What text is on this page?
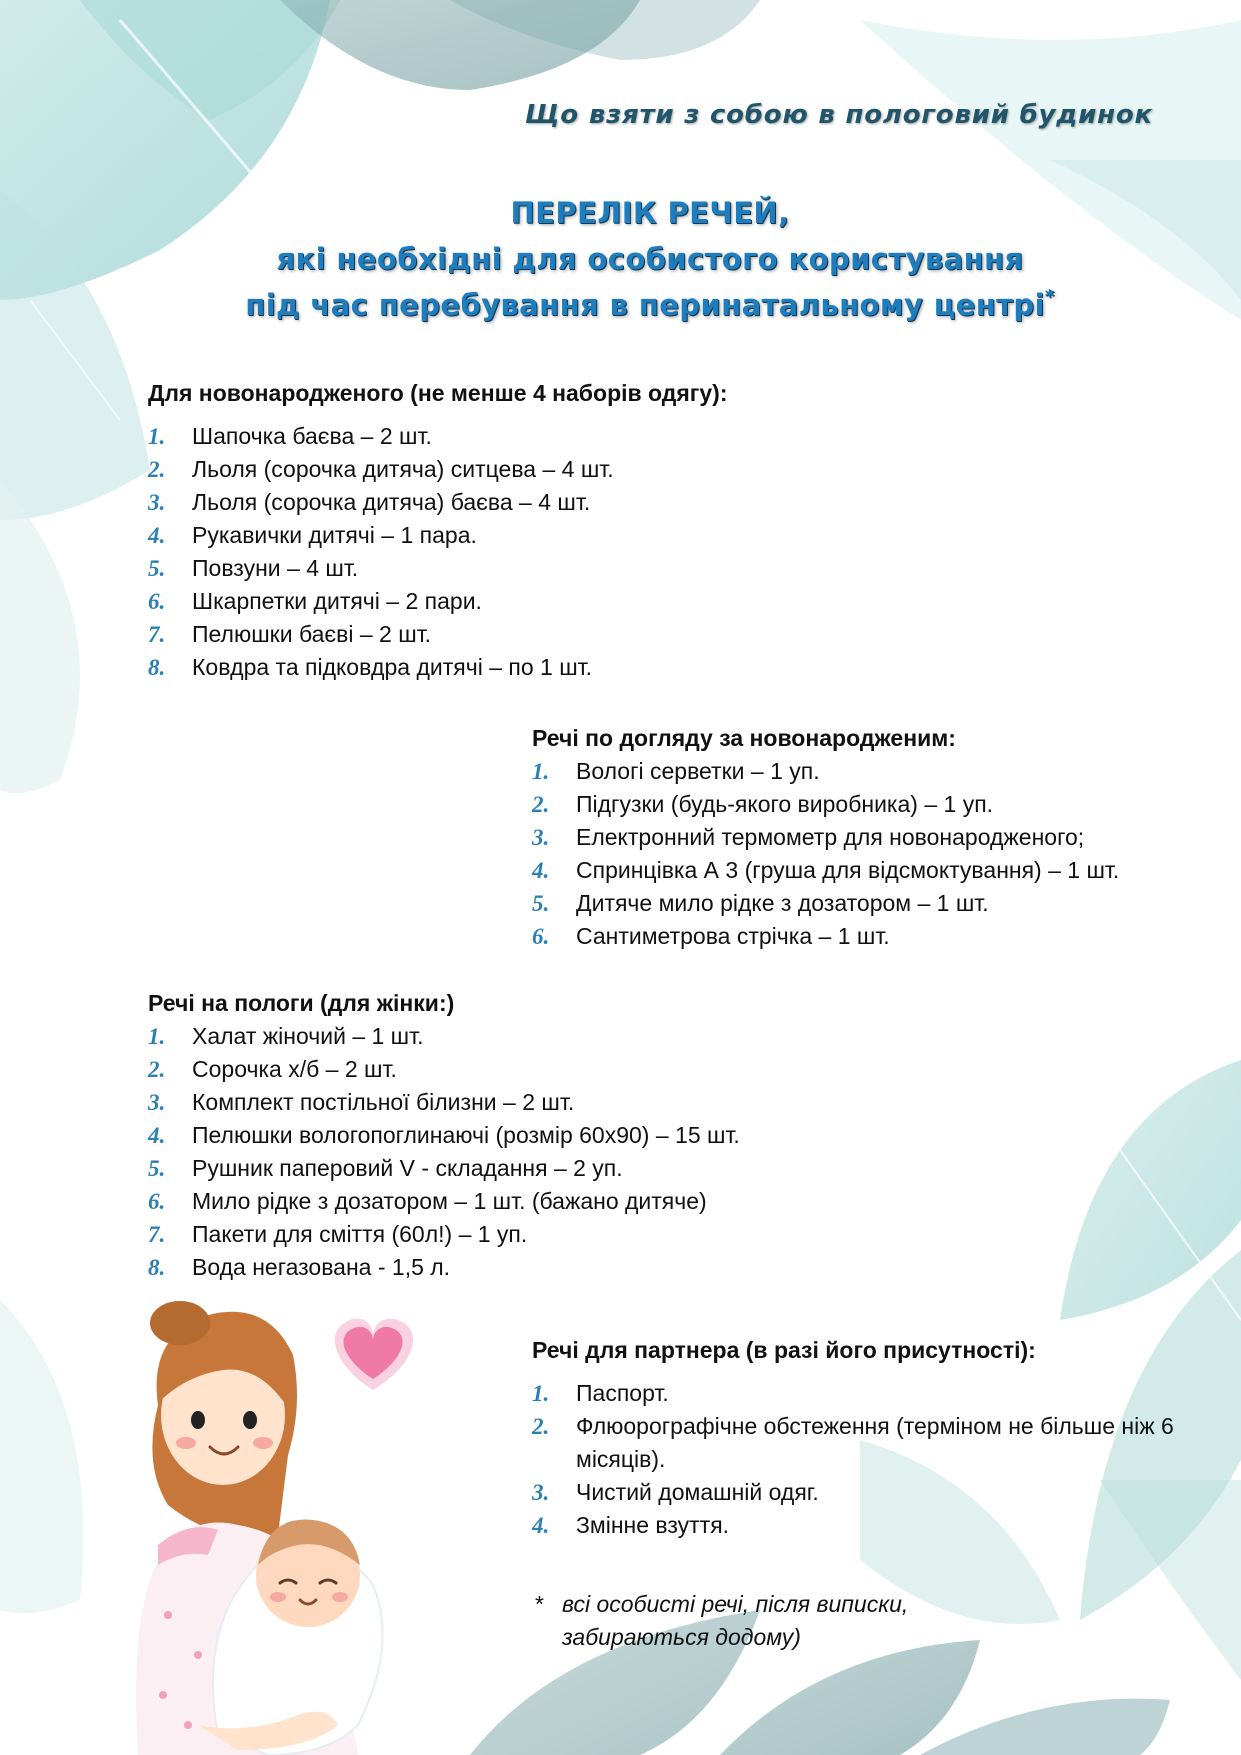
Що взяти з собою в пологовий будинок
ПЕРЕЛІК РЕЧЕЙ,
які необхідні для особистого користування
під час перебування в перинатальному центрі*
Для новонародженого (не менше 4 наборів одягу):
1. Шапочка баєва – 2 шт.
2. Льоля (сорочка дитяча) ситцева – 4 шт.
3. Льоля (сорочка дитяча) баєва – 4 шт.
4. Рукавички дитячі – 1 пара.
5. Повзуни – 4 шт.
6. Шкарпетки дитячі – 2 пари.
7. Пелюшки баєві – 2 шт.
8. Ковдра та підковдра дитячі – по 1 шт.
Речі по догляду за новонародженим:
1. Вологі серветки – 1 уп.
2. Підгузки (будь-якого виробника) – 1 уп.
3. Електронний термометр для новонародженого;
4. Спринцівка А 3 (груша для відсмоктування) – 1 шт.
5. Дитяче мило рідке з дозатором – 1 шт.
6. Сантиметрова стрічка – 1 шт.
Речі на пологи (для жінки:)
1. Халат жіночий – 1 шт.
2. Сорочка х/б – 2 шт.
3. Комплект постільної білизни – 2 шт.
4. Пелюшки вологопоглинаючі (розмір 60х90) – 15 шт.
5. Рушник паперовий V - складання – 2 уп.
6. Мило рідке з дозатором – 1 шт. (бажано дитяче)
7. Пакети для сміття (60л!) – 1 уп.
8. Вода негазована - 1,5 л.
Речі для партнера (в разі його присутності):
1. Паспорт.
2. Флюорографічне обстеження (терміном не більше ніж 6 місяців).
3. Чистий домашній одяг.
4. Змінне взуття.
* всі особисті речі, після виписки,
забираються додому)
